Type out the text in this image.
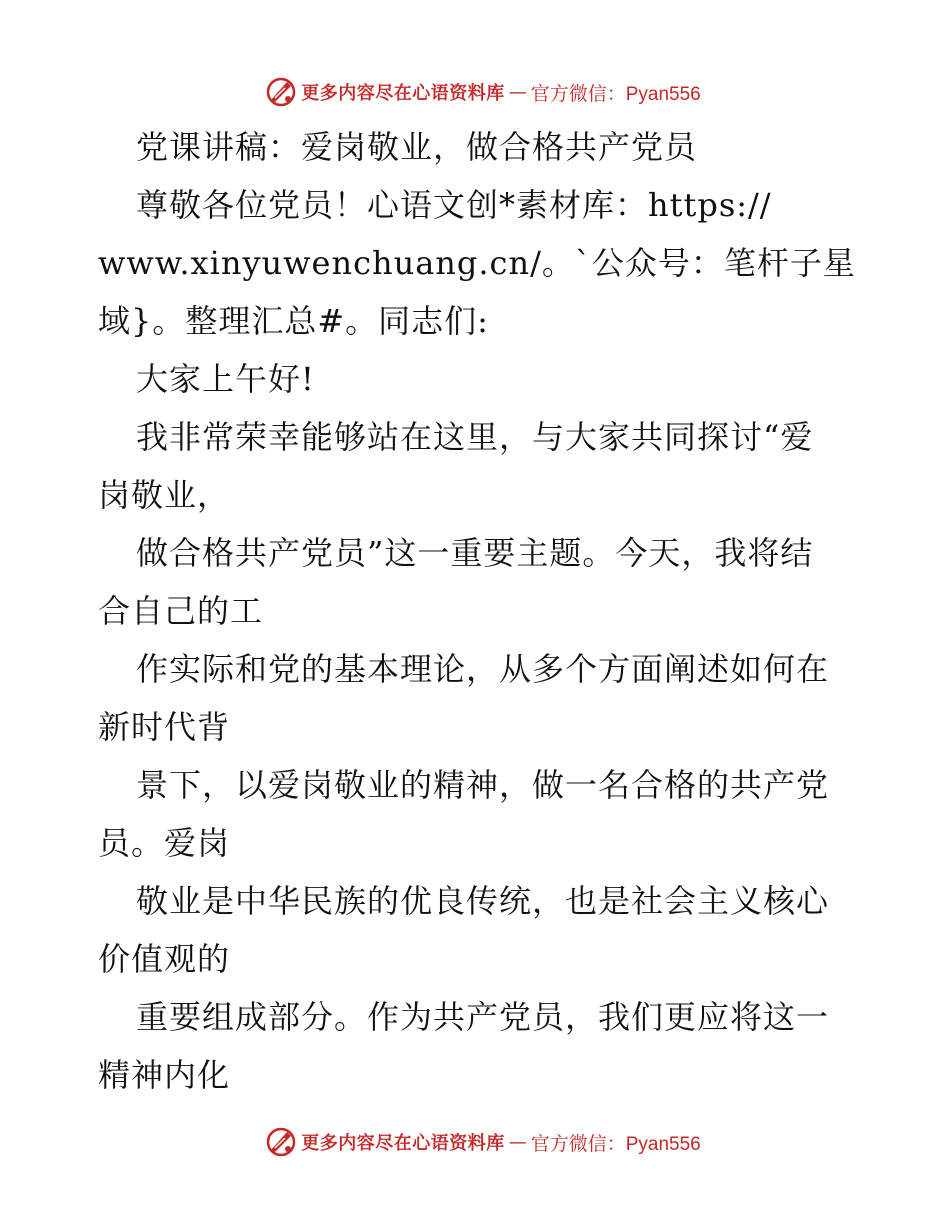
更多内容尽在心语资料库 — 官方微信：Pyan556
党课讲稿：爱岗敬业，做合格共产党员
尊敬各位党员！心语文创*素材库：https://
www.xinyuwenchuang.cn/。`公众号：笔杆子星
域}。整理汇总#。同志们:
大家上午好!
我非常荣幸能够站在这里，与大家共同探讨“爱
岗敬业，
做合格共产党员”这一重要主题。今天，我将结
合自己的工
作实际和党的基本理论，从多个方面阐述如何在
新时代背
景下，以爱岗敬业的精神，做一名合格的共产党
员。爱岗
敬业是中华民族的优良传统，也是社会主义核心
价值观的
重要组成部分。作为共产党员，我们更应将这一
精神内化
更多内容尽在心语资料库 — 官方微信：Pyan556
